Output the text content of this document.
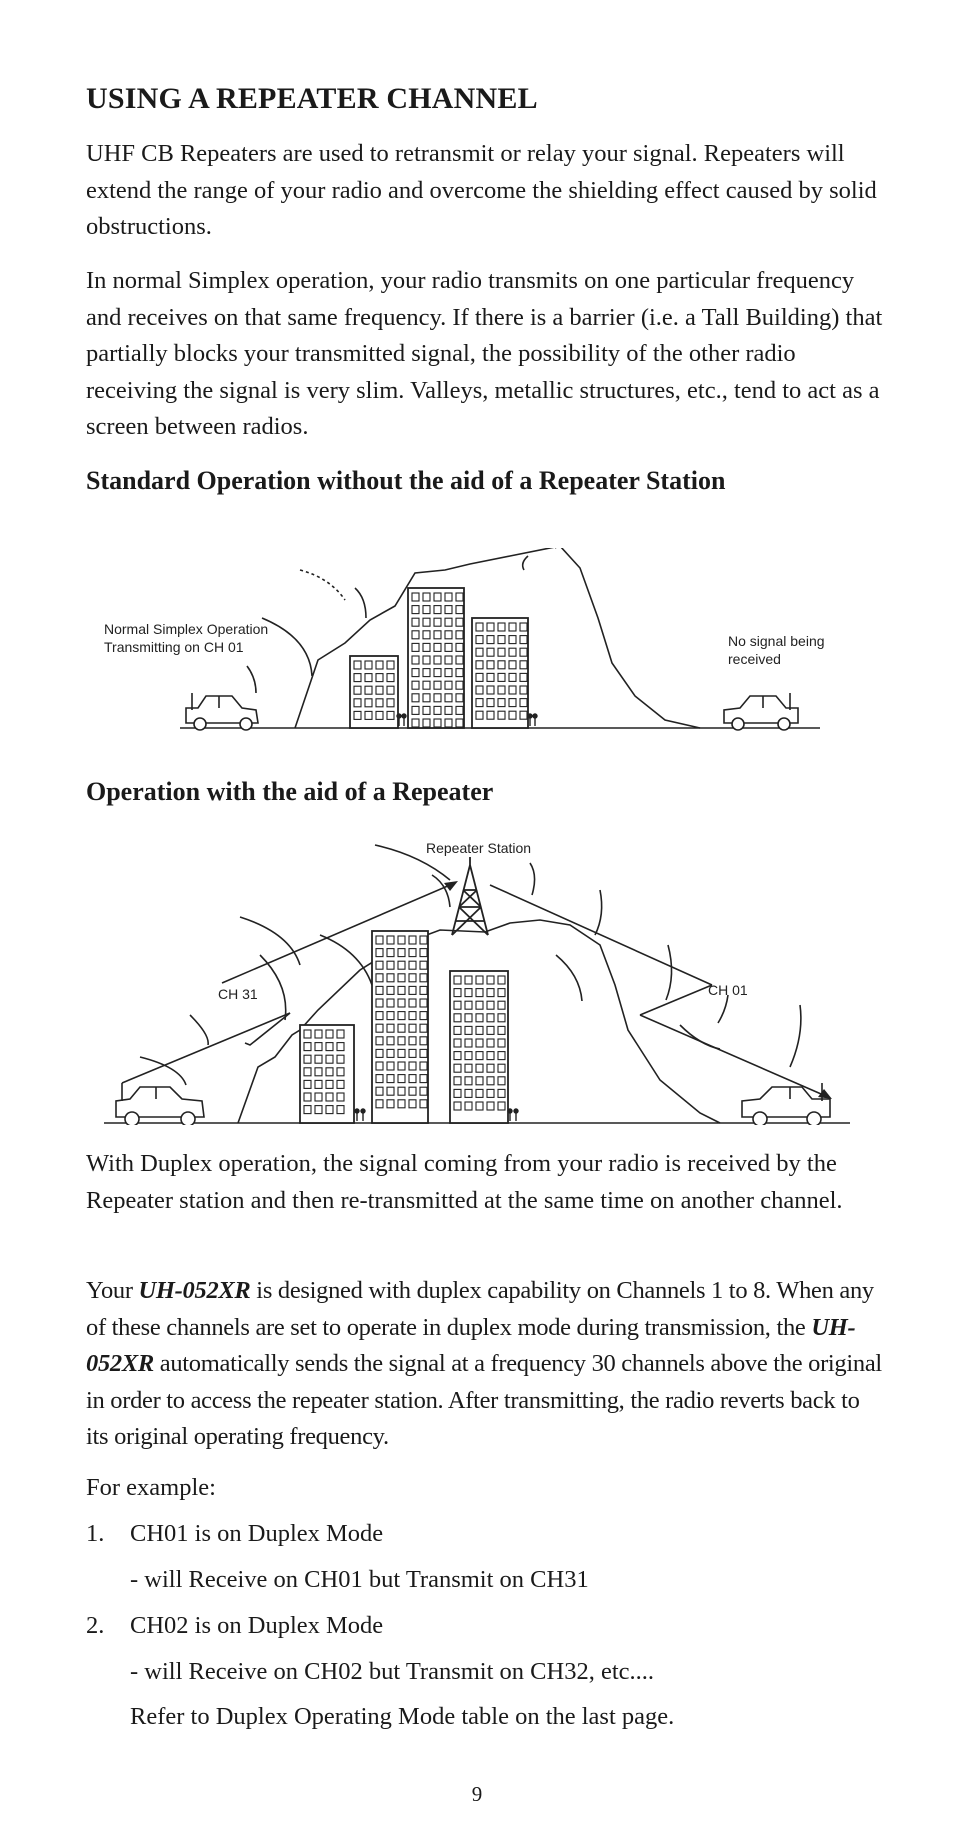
USING A REPEATER CHANNEL

UHF CB Repeaters are used to retransmit or relay your signal. Repeaters will extend the range of your radio and overcome the shielding effect caused by solid obstructions.

In normal Simplex operation, your radio transmits on one particular frequency and receives on that same frequency. If there is a barrier (i.e. a Tall Building) that partially blocks your transmitted signal, the possibility of the other radio receiving the signal is very slim. Valleys, metallic structures, etc., tend to act as a screen between radios.

Standard Operation without the aid of a Repeater Station
Normal Simplex Operation
Transmitting on CH 01	No signal being
received
Operation with the aid of a Repeater
Repeater Station
CH 31	CH 01

With Duplex operation, the signal coming from your radio is received by the Repeater station and then re-transmitted at the same time on another channel.

Your UH-052XR is designed with duplex capability on Channels 1 to 8. When any of these channels are set to operate in duplex mode during transmission, the UH-052XR automatically sends the signal at a frequency 30 channels above the original in order to access the repeater station. After transmitting, the radio reverts back to its original operating frequency.

For example:

1. CH01 is on Duplex Mode

- will Receive on CH01 but Transmit on CH31

2. CH02 is on Duplex Mode

- will Receive on CH02 but Transmit on CH32, etc....

Refer to Duplex Operating Mode table on the last page.

9
